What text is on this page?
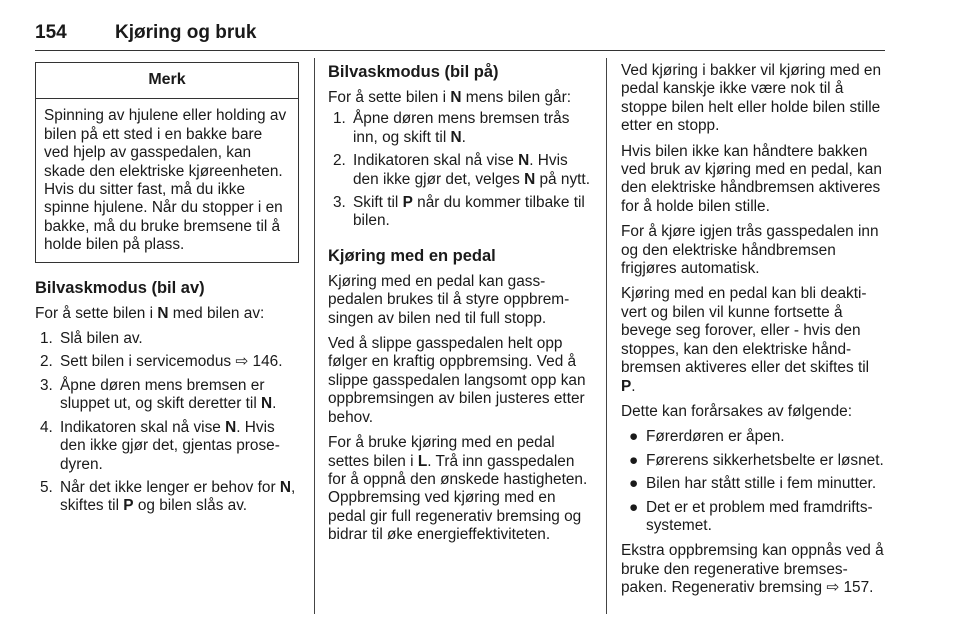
154	Kjøring og bruk
Merk
Spinning av hjulene eller holding av bilen på ett sted i en bakke bare ved hjelp av gasspedalen, kan skade den elektriske kjøreenheten. Hvis du sitter fast, må du ikke spinne hjulene. Når du stopper i en bakke, må du bruke bremsene til å holde bilen på plass.
Bilvaskmodus (bil av)

For å sette bilen i N med bilen av:

1. Slå bilen av.
2. Sett bilen i servicemodus ⇨ 146.
3. Åpne døren mens bremsen er sluppet ut, og skift deretter til N.
4. Indikatoren skal nå vise N. Hvis den ikke gjør det, gjentas prosedyren.
5. Når det ikke lenger er behov for N, skiftes til P og bilen slås av.
Bilvaskmodus (bil på)

For å sette bilen i N mens bilen går:

1. Åpne døren mens bremsen trås inn, og skift til N.
2. Indikatoren skal nå vise N. Hvis den ikke gjør det, velges N på nytt.
3. Skift til P når du kommer tilbake til bilen.
Kjøring med en pedal

Kjøring med en pedal kan gasspedalen brukes til å styre oppbremsingen av bilen ned til full stopp.

Ved å slippe gasspedalen helt opp følger en kraftig oppbremsing. Ved å slippe gasspedalen langsomt opp kan oppbremsingen av bilen justeres etter behov.

For å bruke kjøring med en pedal settes bilen i L. Trå inn gasspedalen for å oppnå den ønskede hastigheten. Oppbremsing ved kjøring med en pedal gir full regenerativ bremsing og bidrar til øke energieffektiviteten.

Ved kjøring i bakker vil kjøring med en pedal kanskje ikke være nok til å stoppe bilen helt eller holde bilen stille etter en stopp.

Hvis bilen ikke kan håndtere bakken ved bruk av kjøring med en pedal, kan den elektriske håndbremsen aktiveres for å holde bilen stille.

For å kjøre igjen trås gasspedalen inn og den elektriske håndbremsen frigjøres automatisk.

Kjøring med en pedal kan bli deaktivert og bilen vil kunne fortsette å bevege seg forover, eller - hvis den stoppes, kan den elektriske håndbremsen aktiveres eller det skiftes til P.

Dette kan forårsakes av følgende:

● Førerdøren er åpen.
● Førerens sikkerhetsbelte er løsnet.
● Bilen har stått stille i fem minutter.
● Det er et problem med framdriftssystemet.

Ekstra oppbremsing kan oppnås ved å bruke den regenerative bremsespaken. Regenerativ bremsing ⇨ 157.
